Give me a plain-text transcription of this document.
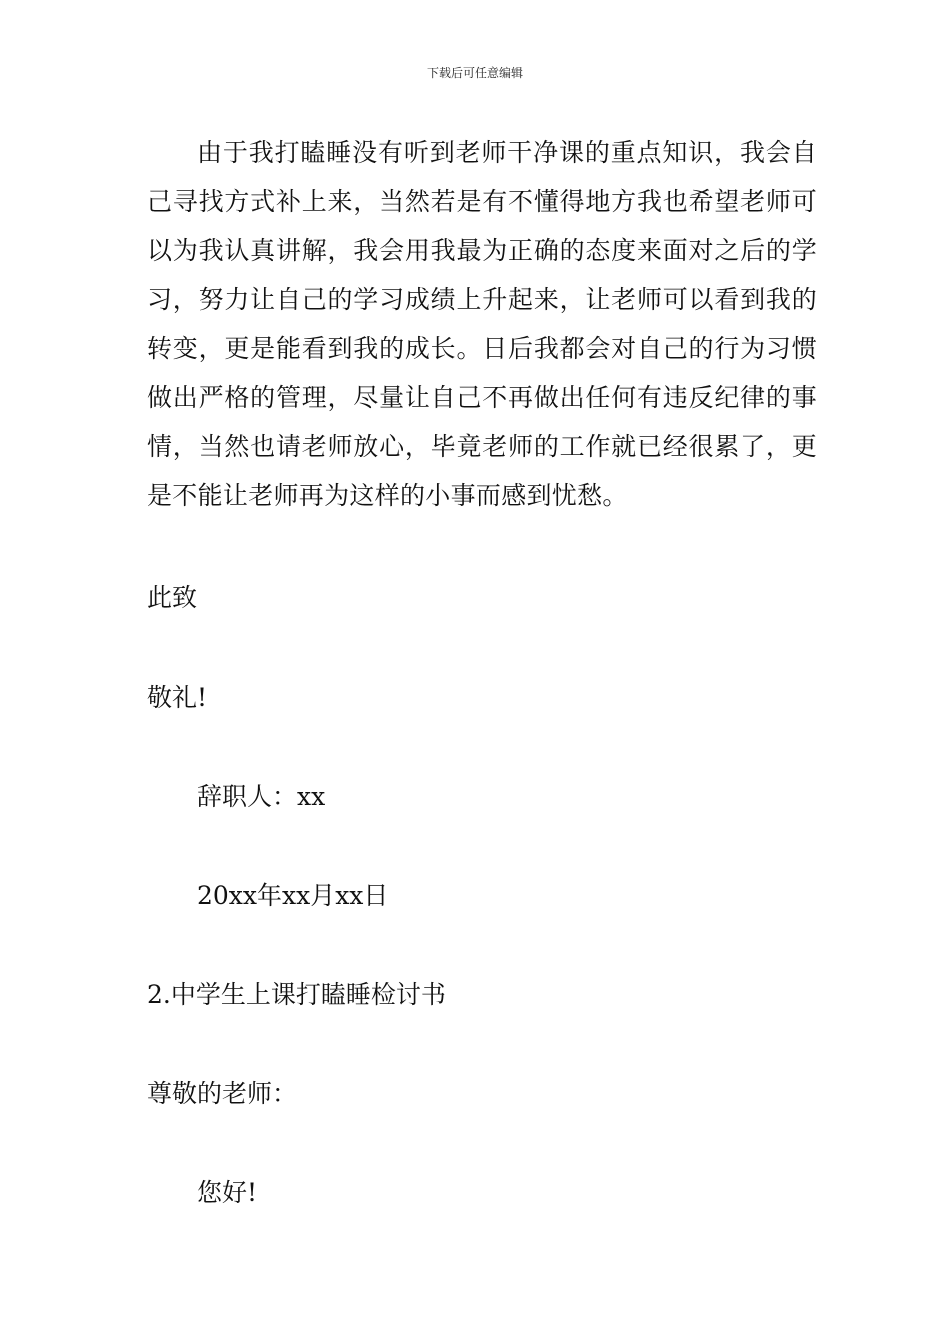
下载后可任意编辑

由于我打瞌睡没有听到老师干净课的重点知识，我会自己寻找方式补上来，当然若是有不懂得地方我也希望老师可以为我认真讲解，我会用我最为正确的态度来面对之后的学习，努力让自己的学习成绩上升起来，让老师可以看到我的转变，更是能看到我的成长。日后我都会对自己的行为习惯做出严格的管理，尽量让自己不再做出任何有违反纪律的事情，当然也请老师放心，毕竟老师的工作就已经很累了，更是不能让老师再为这样的小事而感到忧愁。

此致
敬礼!
辞职人：xx
20xx年xx月xx日
2.中学生上课打瞌睡检讨书
尊敬的老师：
您好!
